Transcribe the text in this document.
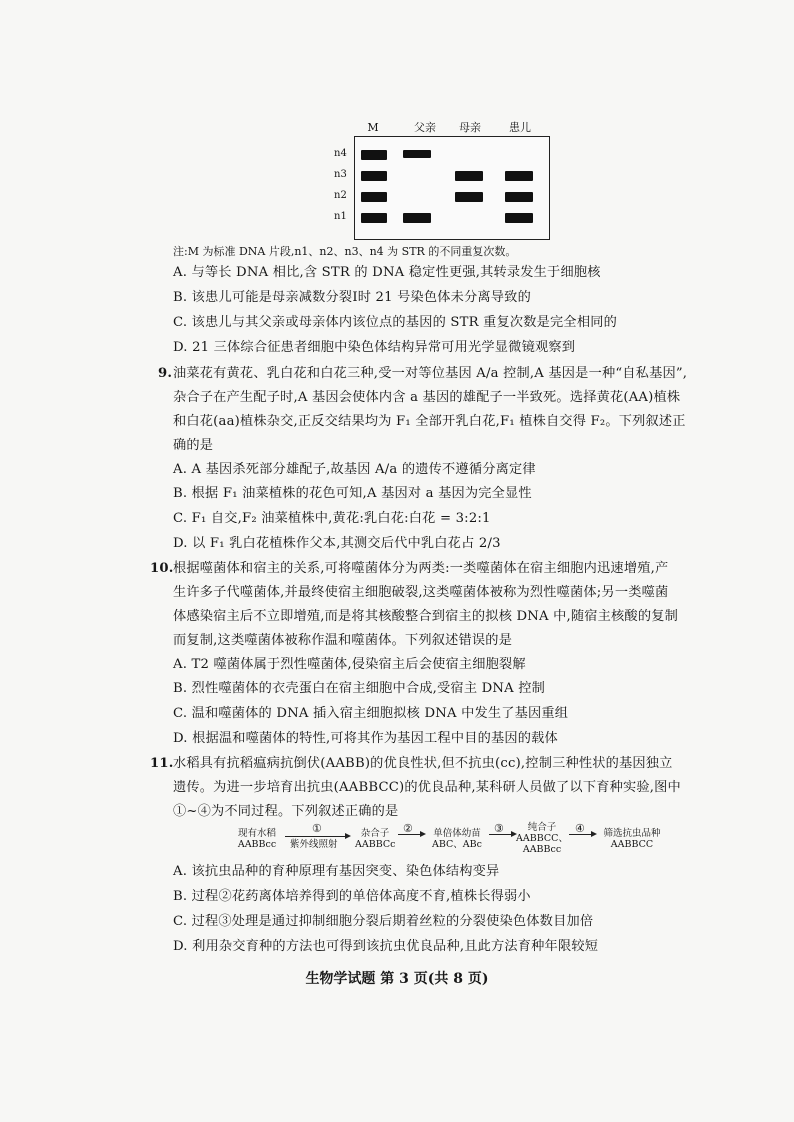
M	父亲 母亲	患儿
n4
n3
n2
n1
注:M 为标准 DNA 片段,n1、n2、n3、n4 为 STR 的不同重复次数。
A. 与等长 DNA 相比,含 STR 的 DNA 稳定性更强,其转录发生于细胞核
B. 该患儿可能是母亲减数分裂Ⅰ时 21 号染色体未分离导致的
C. 该患儿与其父亲或母亲体内该位点的基因的 STR 重复次数是完全相同的
D. 21 三体综合征患者细胞中染色体结构异常可用光学显微镜观察到
9. 油菜花有黄花、乳白花和白花三种,受一对等位基因 A/a 控制,A 基因是一种“自私基因”,
杂合子在产生配子时,A 基因会使体内含 a 基因的雄配子一半致死。选择黄花(AA)植株
和白花(aa)植株杂交,正反交结果均为 F₁ 全部开乳白花,F₁ 植株自交得 F₂。下列叙述正
确的是
A. A 基因杀死部分雄配子,故基因 A/a 的遗传不遵循分离定律
B. 根据 F₁ 油菜植株的花色可知,A 基因对 a 基因为完全显性
C. F₁ 自交,F₂ 油菜植株中,黄花:乳白花:白花 = 3:2:1
D. 以 F₁ 乳白花植株作父本,其测交后代中乳白花占 2/3
10. 根据噬菌体和宿主的关系,可将噬菌体分为两类:一类噬菌体在宿主细胞内迅速增殖,产
生许多子代噬菌体,并最终使宿主细胞破裂,这类噬菌体被称为烈性噬菌体;另一类噬菌
体感染宿主后不立即增殖,而是将其核酸整合到宿主的拟核 DNA 中,随宿主核酸的复制
而复制,这类噬菌体被称作温和噬菌体。下列叙述错误的是
A. T2 噬菌体属于烈性噬菌体,侵染宿主后会使宿主细胞裂解
B. 烈性噬菌体的衣壳蛋白在宿主细胞中合成,受宿主 DNA 控制
C. 温和噬菌体的 DNA 插入宿主细胞拟核 DNA 中发生了基因重组
D. 根据温和噬菌体的特性,可将其作为基因工程中目的基因的载体
11. 水稻具有抗稻瘟病抗倒伏(AABB)的优良性状,但不抗虫(cc),控制三种性状的基因独立
遗传。为进一步培育出抗虫(AABBCC)的优良品种,某科研人员做了以下育种实验,图中
①~④为不同过程。下列叙述正确的是
现有水稻
AABBcc
①
紫外线照射
杂合子
AABBCc
②	单倍体幼苗
ABC、ABc
③	纯合子
AABBCC、
AABBcc
④	筛选抗虫品种
AABBCC
A. 该抗虫品种的育种原理有基因突变、染色体结构变异
B. 过程②花药离体培养得到的单倍体高度不育,植株长得弱小
C. 过程③处理是通过抑制细胞分裂后期着丝粒的分裂使染色体数目加倍
D. 利用杂交育种的方法也可得到该抗虫优良品种,且此方法育种年限较短
生物学试题 第 3 页(共 8 页)
